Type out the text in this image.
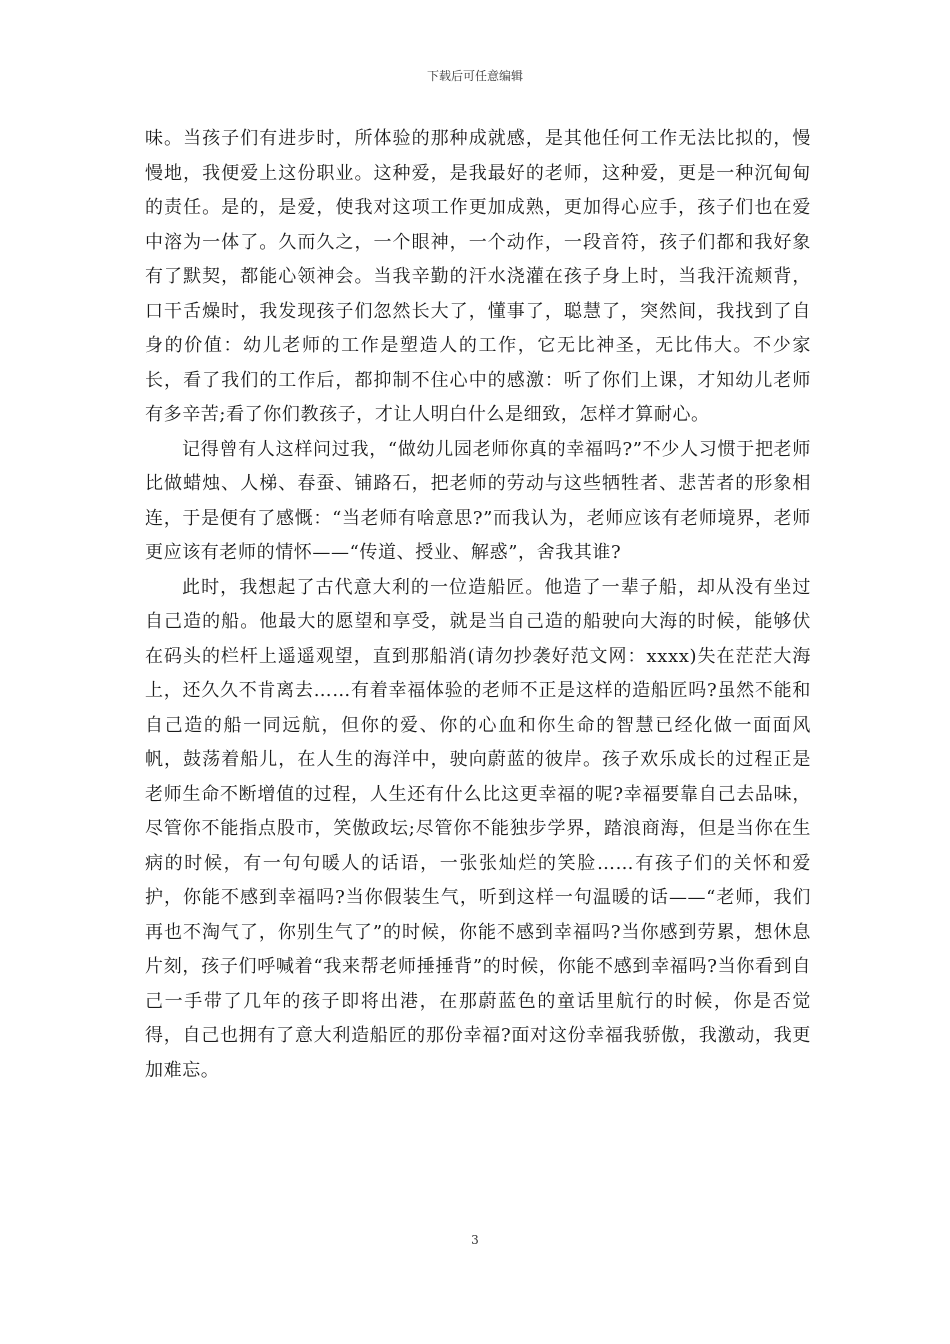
下载后可任意编辑

味。当孩子们有进步时，所体验的那种成就感，是其他任何工作无法比拟的，慢慢地，我便爱上这份职业。这种爱，是我最好的老师，这种爱，更是一种沉甸甸的责任。是的，是爱，使我对这项工作更加成熟，更加得心应手，孩子们也在爱中溶为一体了。久而久之，一个眼神，一个动作，一段音符，孩子们都和我好象有了默契，都能心领神会。当我辛勤的汗水浇灌在孩子身上时，当我汗流颊背，口干舌燥时，我发现孩子们忽然长大了，懂事了，聪慧了，突然间，我找到了自身的价值：幼儿老师的工作是塑造人的工作，它无比神圣，无比伟大。不少家长，看了我们的工作后，都抑制不住心中的感激：听了你们上课，才知幼儿老师有多辛苦;看了你们教孩子，才让人明白什么是细致，怎样才算耐心。

记得曾有人这样问过我，“做幼儿园老师你真的幸福吗?”不少人习惯于把老师比做蜡烛、人梯、春蚕、铺路石，把老师的劳动与这些牺牲者、悲苦者的形象相连，于是便有了感慨：“当老师有啥意思?”而我认为，老师应该有老师境界，老师更应该有老师的情怀——“传道、授业、解惑”，舍我其谁?

此时，我想起了古代意大利的一位造船匠。他造了一辈子船，却从没有坐过自己造的船。他最大的愿望和享受，就是当自己造的船驶向大海的时候，能够伏在码头的栏杆上遥遥观望，直到那船消(请勿抄袭好范文网：xxxx)失在茫茫大海上，还久久不肯离去……有着幸福体验的老师不正是这样的造船匠吗?虽然不能和自己造的船一同远航，但你的爱、你的心血和你生命的智慧已经化做一面面风帆，鼓荡着船儿，在人生的海洋中，驶向蔚蓝的彼岸。孩子欢乐成长的过程正是老师生命不断增值的过程，人生还有什么比这更幸福的呢?幸福要靠自己去品味，尽管你不能指点股市，笑傲政坛;尽管你不能独步学界，踏浪商海，但是当你在生病的时候，有一句句暖人的话语，一张张灿烂的笑脸……有孩子们的关怀和爱护，你能不感到幸福吗?当你假装生气，听到这样一句温暖的话——“老师，我们再也不淘气了，你别生气了”的时候，你能不感到幸福吗?当你感到劳累，想休息片刻，孩子们呼喊着“我来帮老师捶捶背”的时候，你能不感到幸福吗?当你看到自己一手带了几年的孩子即将出港，在那蔚蓝色的童话里航行的时候，你是否觉得，自己也拥有了意大利造船匠的那份幸福?面对这份幸福我骄傲，我激动，我更加难忘。

3
